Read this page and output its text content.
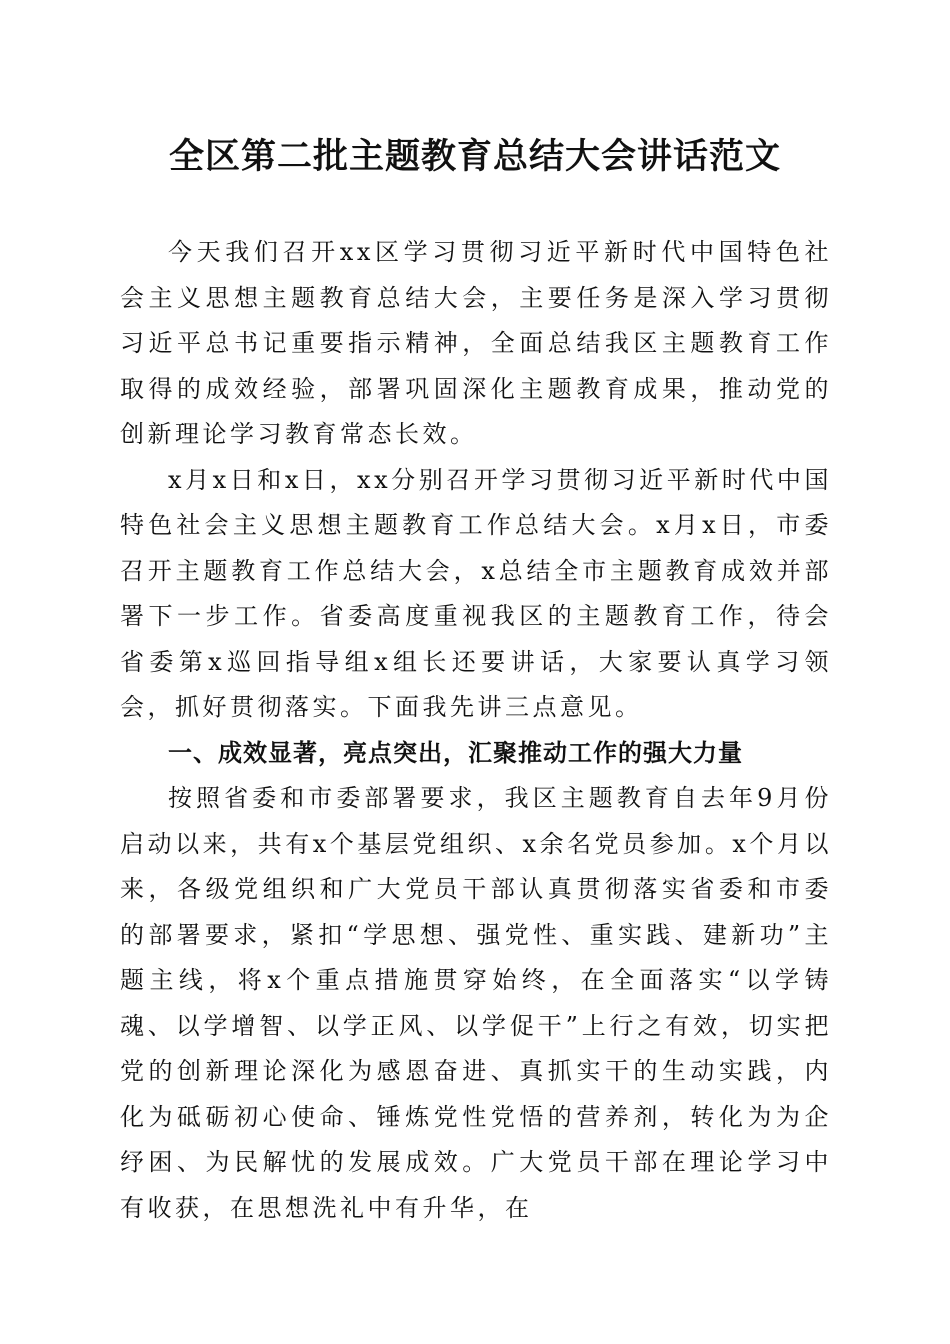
全区第二批主题教育总结大会讲话范文

今天我们召开xx区学习贯彻习近平新时代中国特色社会主义思想主题教育总结大会，主要任务是深入学习贯彻习近平总书记重要指示精神，全面总结我区主题教育工作取得的成效经验，部署巩固深化主题教育成果，推动党的创新理论学习教育常态长效。

x月x日和x日，xx分别召开学习贯彻习近平新时代中国特色社会主义思想主题教育工作总结大会。x月x日，市委召开主题教育工作总结大会，x总结全市主题教育成效并部署下一步工作。省委高度重视我区的主题教育工作，待会省委第x巡回指导组x组长还要讲话，大家要认真学习领会，抓好贯彻落实。下面我先讲三点意见。

一、成效显著，亮点突出，汇聚推动工作的强大力量

按照省委和市委部署要求，我区主题教育自去年9月份启动以来，共有x个基层党组织、x余名党员参加。x个月以来，各级党组织和广大党员干部认真贯彻落实省委和市委的部署要求，紧扣“学思想、强党性、重实践、建新功”主题主线，将x个重点措施贯穿始终，在全面落实“以学铸魂、以学增智、以学正风、以学促干”上行之有效，切实把党的创新理论深化为感恩奋进、真抓实干的生动实践，内化为砥砺初心使命、锤炼党性党悟的营养剂，转化为为企纾困、为民解忧的发展成效。广大党员干部在理论学习中有收获，在思想洗礼中有升华，在
